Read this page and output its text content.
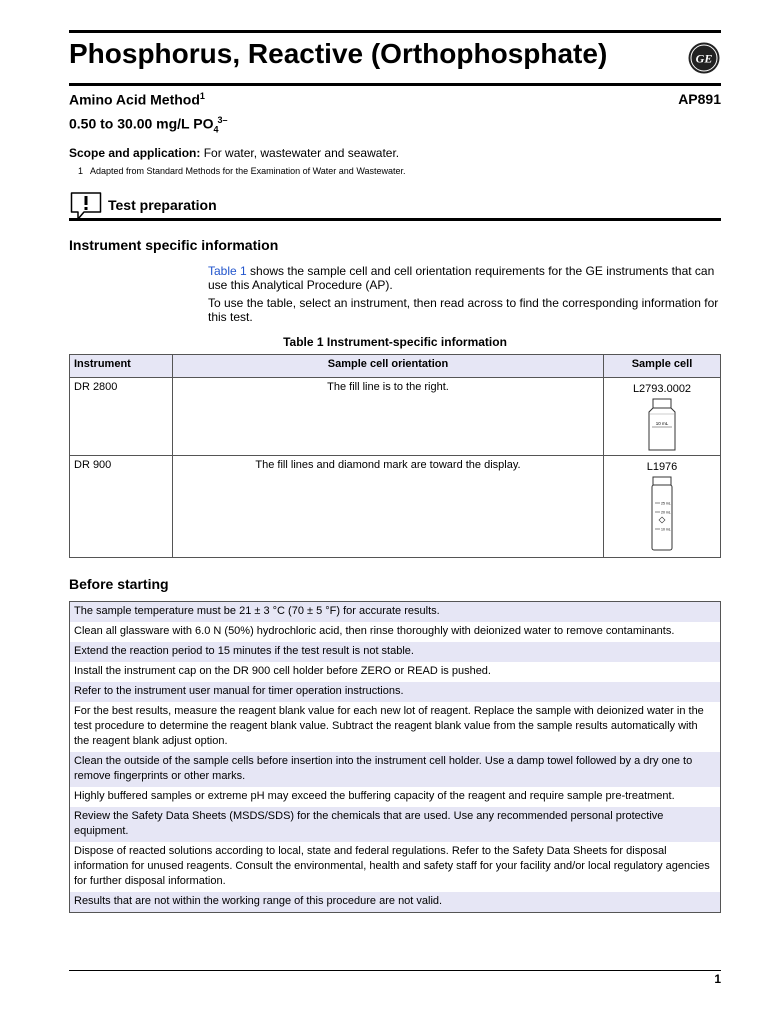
Phosphorus, Reactive (Orthophosphate)	GE
Amino Acid Method$^1$	AP891
0.50 to 30.00 mg/L $PO_4^{3-}$
Scope and application: For water, wastewater and seawater.
1 Adapted from Standard Methods for the Examination of Water and Wastewater.
Test preparation
Instrument specific information

Table 1 shows the sample cell and cell orientation requirements for the GE instruments that can use this Analytical Procedure (AP).

To use the table, select an instrument, then read across to find the corresponding information for this test.

Table 1 Instrument-specific information
Instrument	Sample cell orientation	Sample cell
DR 2800	The fill line is to the right.	L2793.0002
10 mL

DR 900	The fill lines and diamond mark are toward the display.	L1976
25 mL
20 mL
10 mL
Before starting
The sample temperature must be 21 ± 3 °C (70 ± 5 °F) for accurate results.
Clean all glassware with 6.0 N (50%) hydrochloric acid, then rinse thoroughly with deionized water to remove contaminants.
Extend the reaction period to 15 minutes if the test result is not stable.
Install the instrument cap on the DR 900 cell holder before ZERO or READ is pushed.
Refer to the instrument user manual for timer operation instructions.
For the best results, measure the reagent blank value for each new lot of reagent. Replace the sample with deionized water in the test procedure to determine the reagent blank value. Subtract the reagent blank value from the sample results automatically with the reagent blank adjust option.
Clean the outside of the sample cells before insertion into the instrument cell holder. Use a damp towel followed by a dry one to remove fingerprints or other marks.
Highly buffered samples or extreme pH may exceed the buffering capacity of the reagent and require sample pre-treatment.
Review the Safety Data Sheets (MSDS/SDS) for the chemicals that are used. Use any recommended personal protective equipment.
Dispose of reacted solutions according to local, state and federal regulations. Refer to the Safety Data Sheets for disposal information for unused reagents. Consult the environmental, health and safety staff for your facility and/or local regulatory agencies for further disposal information.
Results that are not within the working range of this procedure are not valid.
1
